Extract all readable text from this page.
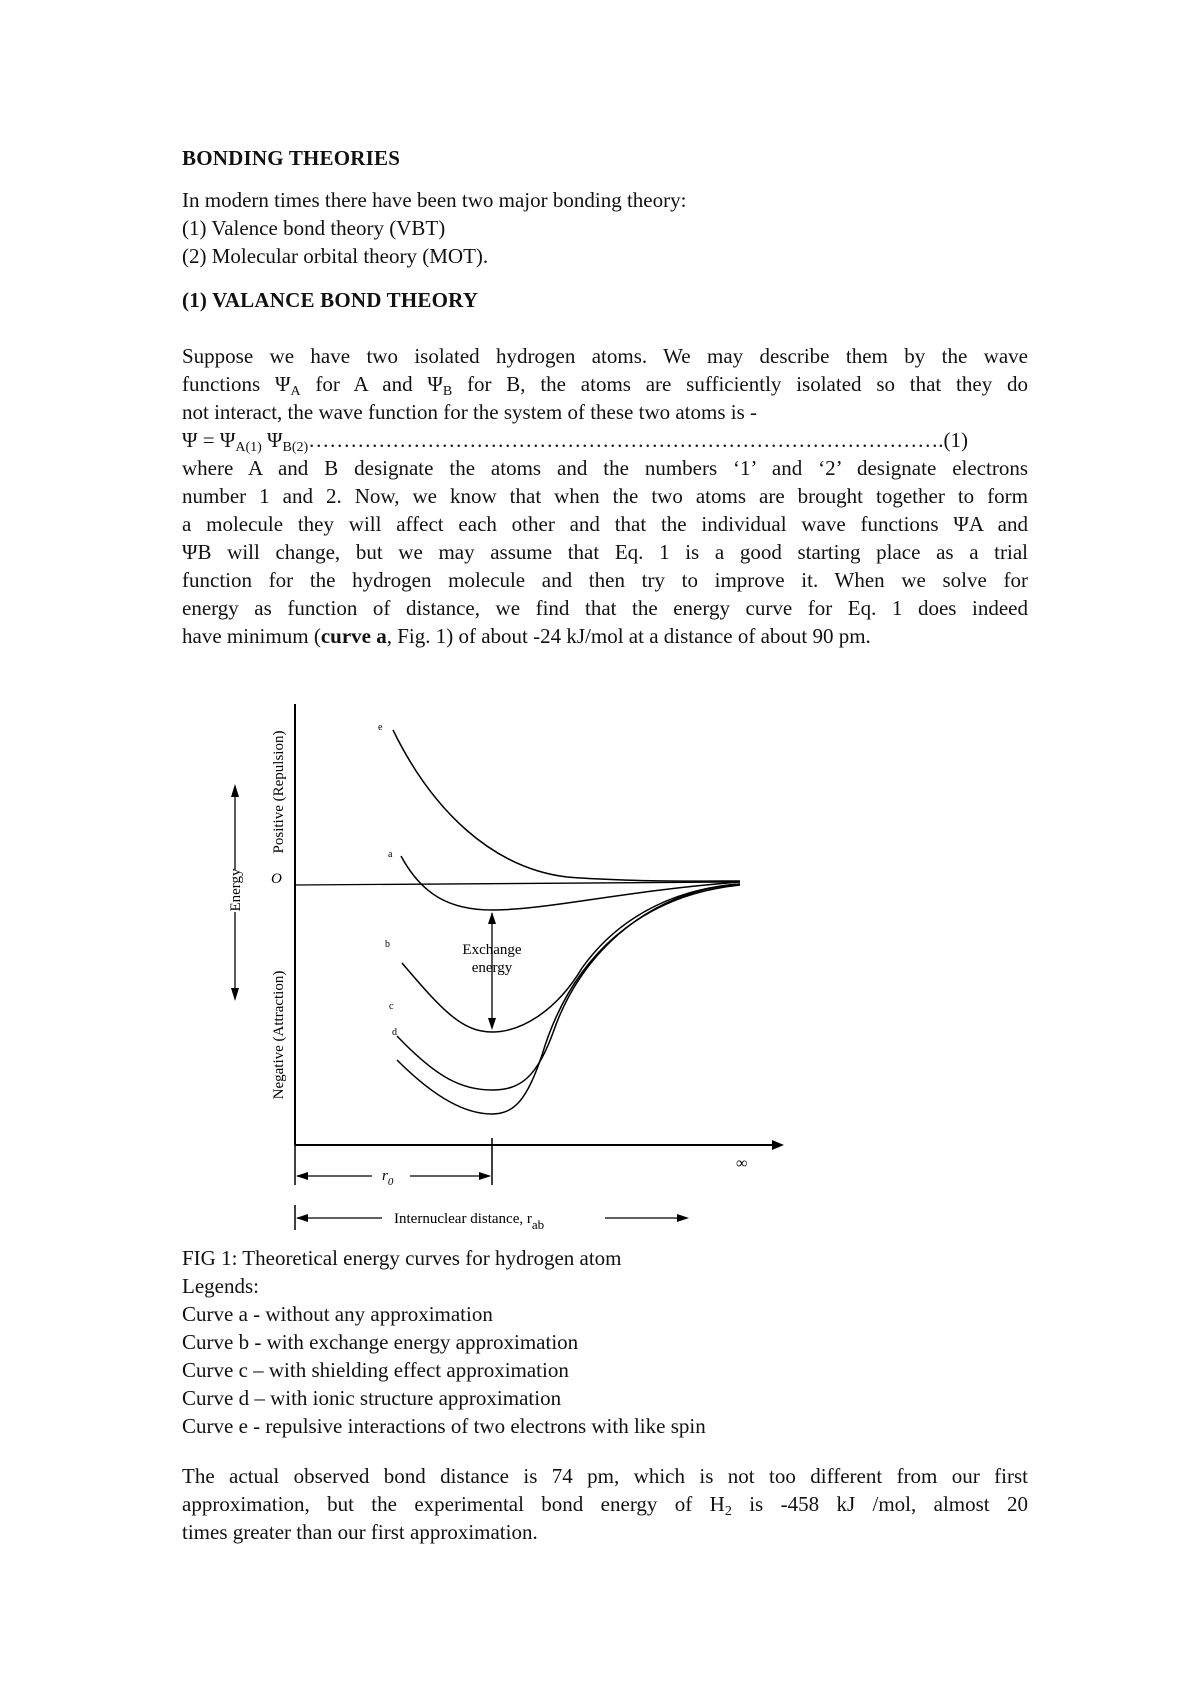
BONDING THEORIES
In modern times there have been two major bonding theory:
(1) Valence bond theory (VBT)
(2) Molecular orbital theory (MOT).
(1) VALANCE BOND THEORY
Suppose we have two isolated hydrogen atoms. We may describe them by the wave
functions $\Psi_A$ for A and $\Psi_B$ for B, the atoms are sufficiently isolated so that they do
not interact, the wave function for the system of these two atoms is -
$\Psi = \Psi_{A(1)}$ $\Psi_{B(2)}\dots\dots\dots\dots\dots\dots\dots\dots\dots\dots\dots\dots\dots\dots\dots\dots\dots\dots\dots\dots\dots\dots\dots\dots\dots\dots\dots\dots\dots\dots.(1)$
where A and B designate the atoms and the numbers ‘1’ and ‘2’ designate electrons
number 1 and 2. Now, we know that when the two atoms are brought together to form
a molecule they will affect each other and that the individual wave functions ΨA and
ΨB will change, but we may assume that Eq. 1 is a good starting place as a trial
function for the hydrogen molecule and then try to improve it. When we solve for
energy as function of distance, we find that the energy curve for Eq. 1 does indeed
have minimum (curve a, Fig. 1) of about -24 kJ/mol at a distance of about 90 pm.
e
a
b
c
d
Exchange
energy
O
∞
Positive (Repulsion)
Negative (Attraction)
Energy
$r_0$
Internuclear distance, rab
FIG 1: Theoretical energy curves for hydrogen atom
Legends:
Curve a - without any approximation
Curve b - with exchange energy approximation
Curve c – with shielding effect approximation
Curve d – with ionic structure approximation
Curve e - repulsive interactions of two electrons with like spin
The actual observed bond distance is 74 pm, which is not too different from our first
approximation, but the experimental bond energy of $H_2$ is -458 kJ /mol, almost 20
times greater than our first approximation.
